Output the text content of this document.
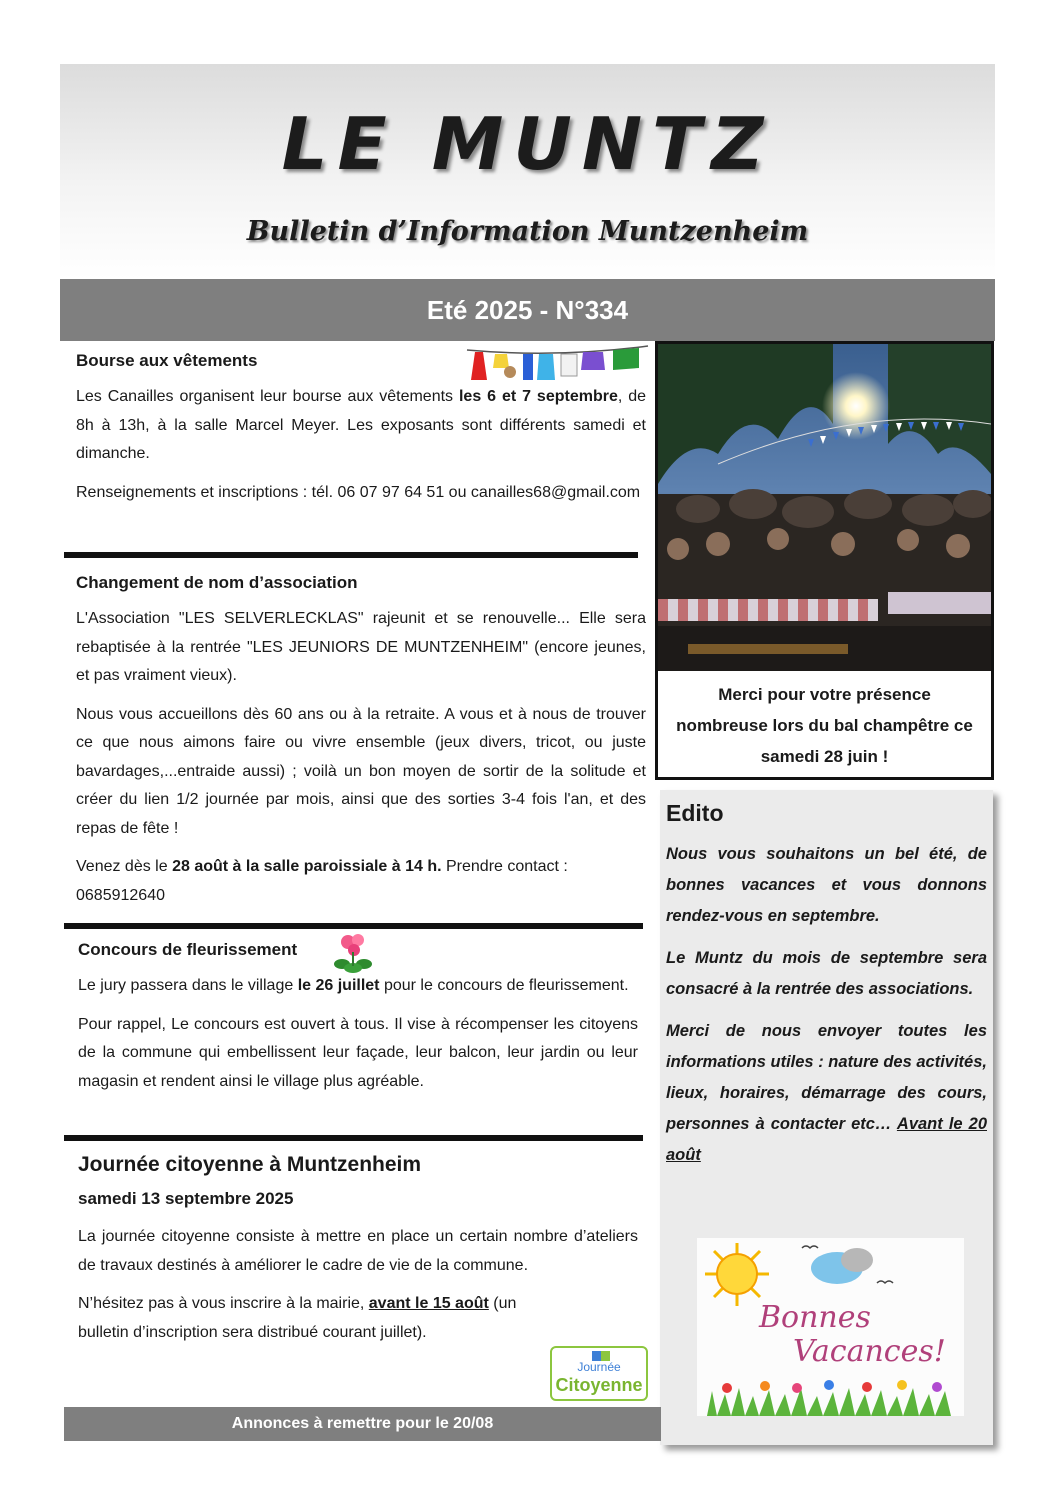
LE MUNTZ
Bulletin d’Information Muntzenheim
Eté 2025 - N°334
Bourse aux vêtements

Les Canailles organisent leur bourse aux vêtements les 6 et 7 septembre, de 8h à 13h, à la salle Marcel Meyer. Les exposants sont différents samedi et dimanche.

Renseignements et inscriptions : tél. 06 07 97 64 51 ou canailles68@gmail.com

Changement de nom d’association

L'Association "LES SELVERLECKLAS" rajeunit et se renouvelle... Elle sera rebaptisée à la rentrée "LES JEUNIORS DE MUNTZENHEIM" (encore jeunes, et pas vraiment vieux).

Nous vous accueillons dès 60 ans ou à la retraite. A vous et à nous de trouver ce que nous aimons faire ou vivre ensemble (jeux divers, tricot, ou juste bavardages,...entraide aussi) ; voilà un bon moyen de sortir de la solitude et créer du lien 1/2 journée par mois, ainsi que des sorties 3-4 fois l'an, et des repas de fête !

Venez dès le 28 août à la salle paroissiale à 14 h. Prendre contact : 0685912640

Concours de fleurissement

Le jury passera dans le village le 26 juillet pour le concours de fleurissement.

Pour rappel, Le concours est ouvert à tous. Il vise à récompenser les citoyens de la commune qui embellissent leur façade, leur balcon, leur jardin ou leur magasin et rendent ainsi le village plus agréable.

Journée citoyenne à Muntzenheim
samedi 13 septembre 2025

La journée citoyenne consiste à mettre en place un certain nombre d’ateliers de travaux destinés à améliorer le cadre de vie de la commune.

N’hésitez pas à vous inscrire à la mairie, avant le 15 août (un bulletin d’inscription sera distribué courant juillet).

Journée
Citoyenne
Merci pour votre présence nombreuse lors du bal champêtre ce samedi 28 juin !
Edito

Nous vous souhaitons un bel été, de bonnes vacances et vous donnons rendez-vous en septembre.

Le Muntz du mois de septembre sera consacré à la rentrée des associations.

Merci de nous envoyer toutes les informations utiles : nature des activités, lieux, horaires, démarrage des cours, personnes à contacter etc… Avant le 20 août

Bonnes
Vacances!
Annonces à remettre pour le 20/08
